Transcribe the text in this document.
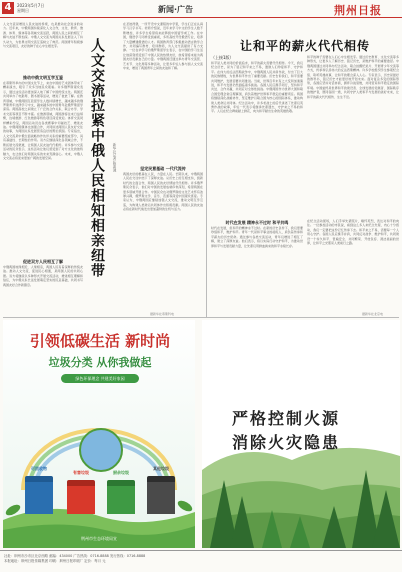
4	2023年5月7日
星期日	新闻·广告	荆州日报
人文交流是增进人民友谊的桥梁，也是推动社会进步的动力。近年来，中俄两国持续深化人文合作，文化、教育、旅游、体育、媒体等各领域交流活跃，两国人民之间的相互了解与友谊不断加深。中俄人文交流为两国关系发展注入了持久动力，为世界文明交流互鉴树立了典范。两国青年积极参与交流项目，友好的种子在心中生根发芽。
推动中俄文明互学互鉴
在莫斯科举办的中国文化节上，来自中国的艺术团体带来了精彩演出，吸引了众多当地民众观看。许多俄罗斯观众表示，通过这些活动更加深入地了解了中国传统文化。两国还共同举办了电影周、图书展等活动，增进了彼此了解。在教育领域，中俄两国互派留学生人数持续增长，越来越多的俄罗斯青年选择学习中文，越来越多的中国青年赴俄罗斯留学深造。两国高校之间建立了广泛的合作关系，联合办学、学术交流等项目不断丰富。在旅游领域，两国游客往来日益频繁，边境旅游、红色旅游等特色项目深受欢迎。体育交流同样精彩纷呈，两国运动员在各类赛事中切磋技艺、增进友谊。中俄两国媒体也加强合作，共同讲述两国人民友好交往的故事，为两国关系发展营造良好的舆论氛围。专家指出，人文交流是中俄全面战略协作伙伴关系的重要组成部分，具有基础性、长期性的作用。双方应继续深化各领域合作，不断拓展交流渠道，让两国人民友谊代代相传。许多参与交流活动的民众表示，这些活动让他们感受到了对方文化的独特魅力，也让他们对两国关系的未来充满信心。未来，中俄人文交流必将迎来更加广阔的发展空间。
促进双方人民相互了解
中俄两国地缘相近、人缘相亲，两国人民有着深厚的传统友谊。推动人文交流，促进民心相通，是两国人民的共同心愿。双方将继续以多种形式开展交流活动，增进相互理解和信任，为中俄关系长远发展奠定坚实的民意基础，共同书写两国友好合作新篇章。
人文交流拉紧中俄人民相知相亲纽带 新华社记者 陈嘉诚
在圣彼得堡，一所开设中文课程的中学里，学生们正在认真学习汉字书写。老师介绍说，近年来学习中文的学生人数不断增加，许多学生希望将来能够到中国留学或工作。在中国，俄语学习同样受到重视，多所高校开设俄语专业，培养了大量精通俄语的人才。两国教育部门积极推动语言教学合作，共同编写教材、培训教师，为人文交流提供了有力支撑。一位在华学习的俄罗斯留学生表示，在中国的学习生活让他深刻感受到了中国人民的热情友好，他希望将来能为两国友好贡献自己的力量。中俄两国还通过举办青年交流营、艺术节、文化周等多种活动，让更多年轻人参与到人文交流中来，增进了两国青年之间的友谊和了解。
坚定民意基础 一代代流传
两国友好的根基在人民，力量在人民。长期以来，中俄两国人民在交往中结下了深厚友谊。从历史上的互相支持，到新时代的全面合作，两国人民的友好情谊代代相传。许多俄罗斯民众表示，他们对中国的发展成就印象深刻，希望两国在更多领域开展合作。中国民众也对俄罗斯的文化艺术怀有浓厚兴趣，俄罗斯文学、音乐、芭蕾等深受中国观众喜爱。专家认为，中俄两国应继续加强人文交流，推动文明互学互鉴，为构建人类命运共同体作出积极贡献。两国人民的友谊必将在新时代焕发出更加蓬勃的生机与活力。
据新华社莫斯科电
让和平的薪火代代相传
（上接1版）
和平是人类共同的价值追求，和平的薪火需要代代相传。今天，我们纪念历史，是为了铭记和平来之不易，激励人们珍爱和平、守护和平。在伟大的反法西斯战争中，中俄两国人民并肩作战，付出了巨大的民族牺牲，为世界和平作出了重要贡献。历史告诉我们，和平需要共同维护，发展需要共同推进。当前，世界百年未有之大变局加速演进，和平与发展仍然面临诸多挑战。各国人民应携手同行，坚持和平共处、合作共赢，共同应对全球性挑战。中俄两国作为世界大国和联合国安理会常任理事国，肩负着维护世界和平稳定的重要责任。两国将继续深化战略协作，坚定维护以联合国为核心的国际体系，推动构建人类命运共同体。纪念活动中，许多老战士的后代讲述了先辈们英勇作战的故事，年轻一代表示将继承先辈遗志，守护来之不易的和平。人们在纪念碑前献上鲜花，向为和平献出生命的英雄致敬。
和平的种子需要在人们心中生根发芽。通过历史教育、文化交流等多种形式，让更多人了解历史、铭记历史，是维护和平的重要途径。中俄两国通过共同举办纪念活动、联合拍摄纪录片、开展青少年交流等方式，传承和弘扬伟大的反法西斯精神。许多学校组织学生参观纪念馆、聆听英雄故事，让和平的理念深入人心。专家表示，历史是最好的教科书，铭记历史才能更好地开创未来。面对复杂多变的国际形势，各国应坚持对话协商，摒弃冷战思维，共同营造和平稳定的国际环境。中国始终是世界和平的建设者、全球发展的贡献者、国际秩序的维护者，愿同各国一道，共同守护人类和平与发展的美好未来，让和平的薪火代代相传、生生不息。
时代在发展 精神永不过时 和平共鸣
时代在发展，但和平的精神永不过时。在新的历史条件下，我们更要珍惜和平，维护和平。青年一代是和平事业的接班人，肩负着传承和平薪火的历史使命。通过参与各类交流活动，青年们增进了相互了解，建立了深厚友谊。他们表示，将以实际行动守护和平，为推动世界和平与发展贡献力量，让先辈们用鲜血换来的和平永续长存。
在纪念活动现场，人们手举先辈照片，缅怀英烈，表达对和平的向往。一位参加活动的市民说，看到这么多人来纪念先辈，内心十分感动，我们一定要把这份记忆传承下去。和平来之不易，需要每一个人用心守护。各国人民应携手并肩，共同反对战争、维护和平，共同建设一个持久和平、普遍安全、共同繁荣、开放包容、清洁美丽的世界，让和平之光照亮人类前行之路。
据新华社北京电
引领低碳生活 新时尚
垃圾分类 从你我做起
绿色环保理念 共建美好家园
可回收物
有害垃圾	厨余垃圾
其他垃圾
荆州市生态环境局宣
严格控制火源
消除火灾隐患
社址：荆州市沙市区北京西路 邮编：434000 广告热线：0716-8888 发行热线：0716-8888
本报地址：荆州日报传媒集团 印刷：荆州日报印刷厂 定价：每月 元
